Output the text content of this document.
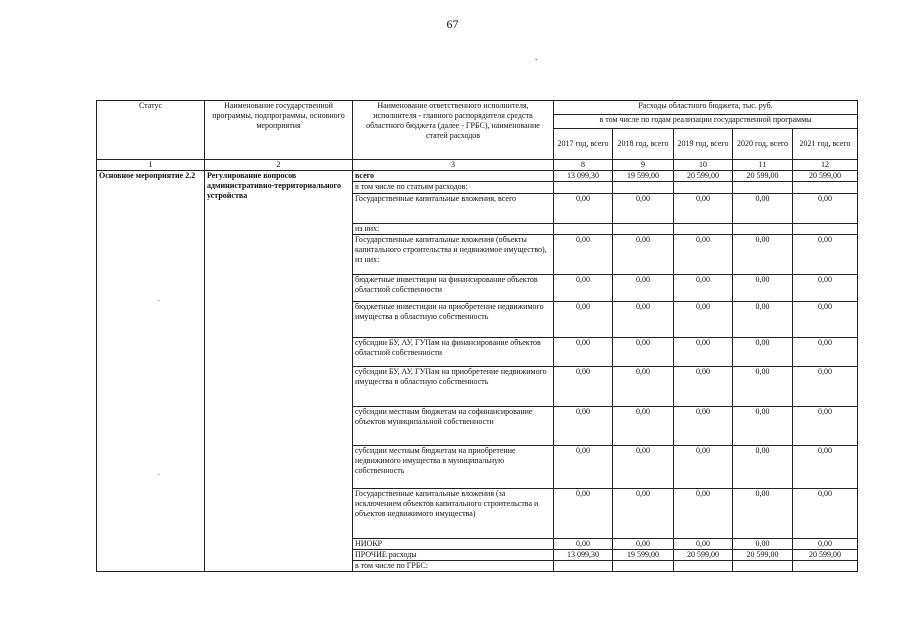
67
.
-
-
Статус	Наименование государственной программы, подпрограммы, основного мероприятия	Наименование ответственного исполнителя, исполнителя - главного распорядителя средств областного бюджета (далее - ГРБС), наименование статей расходов	Расходы областного бюджета, тыс. руб.				
			в том числе по годам реализации государственной программы				
			2017 год, всего	2018 год, всего	2019 год, всего	2020 год, всего	2021 год, всего
1	2	3	8	9	10	11	12
Основное мероприятие 2.2	Регулирование вопросов административно-территориального устройства	всего	13 099,30	19 599,00	20 599,00	20 599,00	20 599,00
		в том числе по статьям расходов:					
		Государственные капитальные вложения, всего	0,00	0,00	0,00	0,00	0,00
		из них:					
		Государственные капитальные вложения (объекты капитального строительства и недвижимое имущество), из них:	0,00	0,00	0,00	0,00	0,00
		бюджетные инвестиции на финансирование объектов областной собственности	0,00	0,00	0,00	0,00	0,00
		бюджетные инвестиции на приобретение недвижимого имущества в областную собственность	0,00	0,00	0,00	0,00	0,00
		субсидии БУ, АУ, ГУПам на финансирование объектов областной собственности	0,00	0,00	0,00	0,00	0,00
		субсидии БУ, АУ, ГУПам на приобретение недвижимого имущества в областную собственность	0,00	0,00	0,00	0,00	0,00
		субсидии местным бюджетам на софинансирование объектов муниципальной собственности	0,00	0,00	0,00	0,00	0,00
		субсидии местным бюджетам на приобретение недвижимого имущества в муниципальную собственность	0,00	0,00	0,00	0,00	0,00
		Государственные капитальные вложения (за исключением объектов капитального строительства и объектов недвижимого имущества)	0,00	0,00	0,00	0,00	0,00
		НИОКР	0,00	0,00	0,00	0,00	0,00
		ПРОЧИЕ расходы	13 099,30	19 599,00	20 599,00	20 599,00	20 599,00
		в том числе по ГРБС:					
